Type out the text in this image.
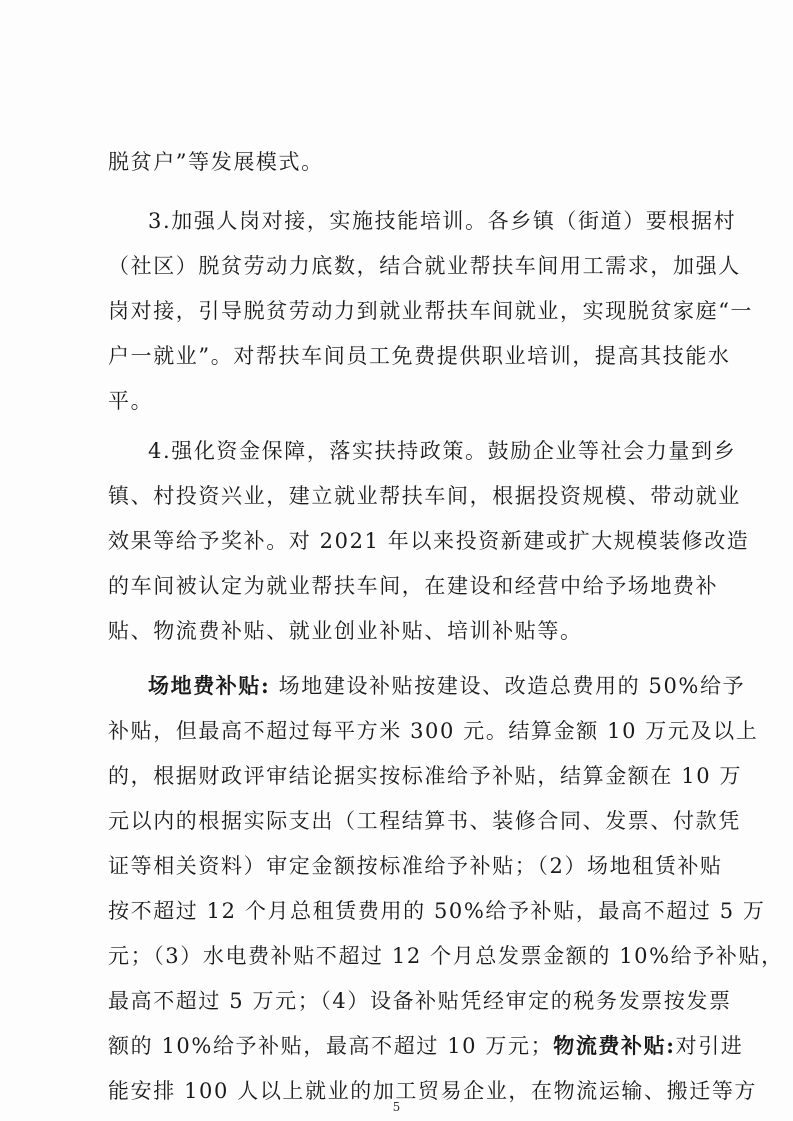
脱贫户”等发展模式。
3.加强人岗对接，实施技能培训。各乡镇（街道）要根据村
（社区）脱贫劳动力底数，结合就业帮扶车间用工需求，加强人
岗对接，引导脱贫劳动力到就业帮扶车间就业，实现脱贫家庭“一
户一就业”。对帮扶车间员工免费提供职业培训，提高其技能水
平。
4.强化资金保障，落实扶持政策。鼓励企业等社会力量到乡
镇、村投资兴业，建立就业帮扶车间，根据投资规模、带动就业
效果等给予奖补。对 2021 年以来投资新建或扩大规模装修改造
的车间被认定为就业帮扶车间，在建设和经营中给予场地费补
贴、物流费补贴、就业创业补贴、培训补贴等。
场地费补贴: 场地建设补贴按建设、改造总费用的 50%给予
补贴，但最高不超过每平方米 300 元。结算金额 10 万元及以上
的，根据财政评审结论据实按标准给予补贴，结算金额在 10 万
元以内的根据实际支出（工程结算书、装修合同、发票、付款凭
证等相关资料）审定金额按标准给予补贴；（2）场地租赁补贴
按不超过 12 个月总租赁费用的 50%给予补贴，最高不超过 5 万
元；（3）水电费补贴不超过 12 个月总发票金额的 10%给予补贴，
最高不超过 5 万元；（4）设备补贴凭经审定的税务发票按发票
额的 10%给予补贴，最高不超过 10 万元；物流费补贴:对引进
能安排 100 人以上就业的加工贸易企业，在物流运输、搬迁等方
5
